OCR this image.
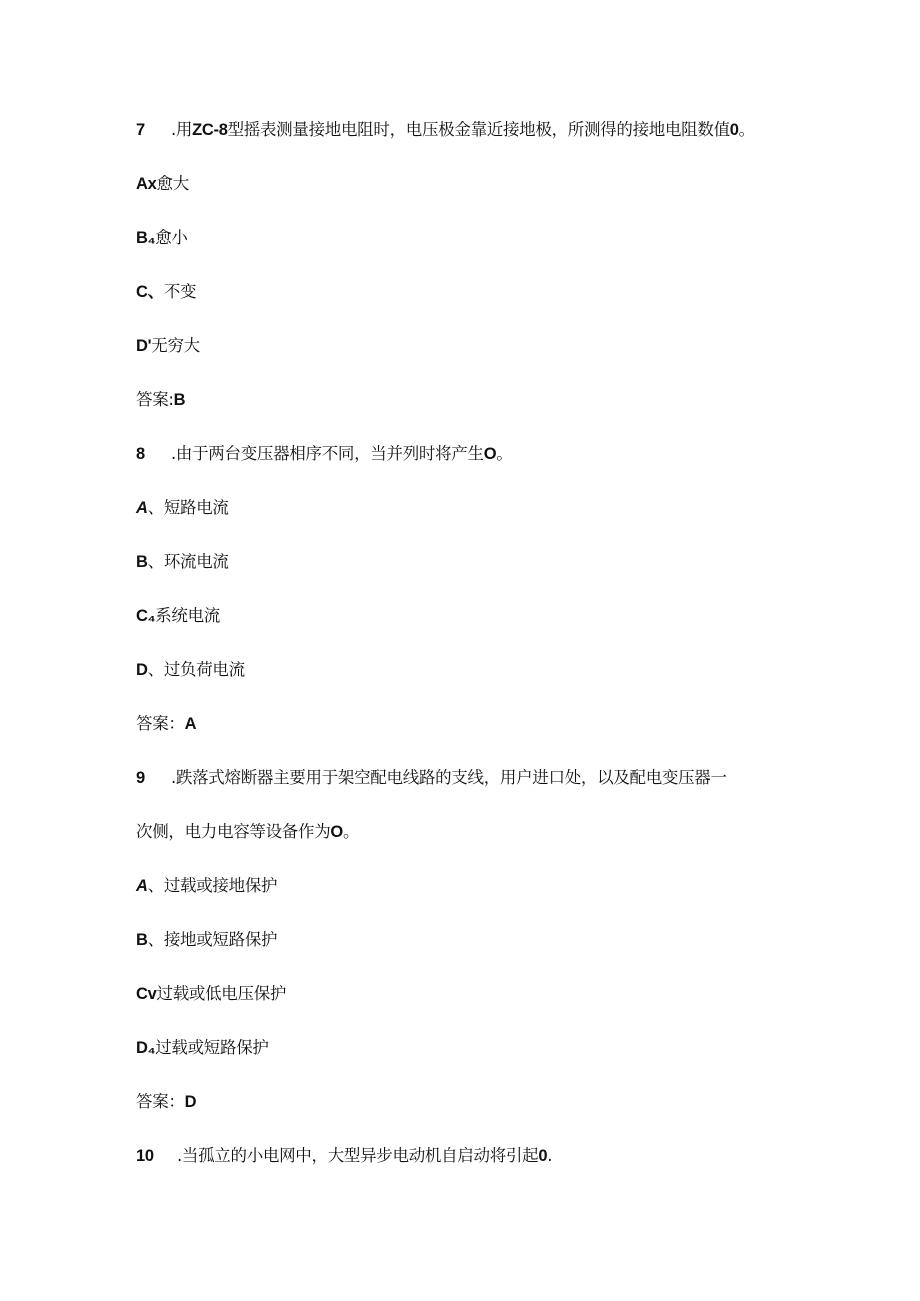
7 .用ZC-8型摇表测量接地电阻时，电压极金靠近接地极，所测得的接地电阻数值0。
Ax愈大
B₄愈小
C、不变
D'无穷大
答案:B
8 .由于两台变压器相序不同，当并列时将产生O。
A、短路电流
B、环流电流
C₄系统电流
D、过负荷电流
答案：A
9 .跌落式熔断器主要用于架空配电线路的支线，用户进口处，以及配电变压器一
次侧，电力电容等设备作为O。
A、过载或接地保护
B、接地或短路保护
Cv过载或低电压保护
D₄过载或短路保护
答案：D
10 .当孤立的小电网中，大型异步电动机自启动将引起0.
